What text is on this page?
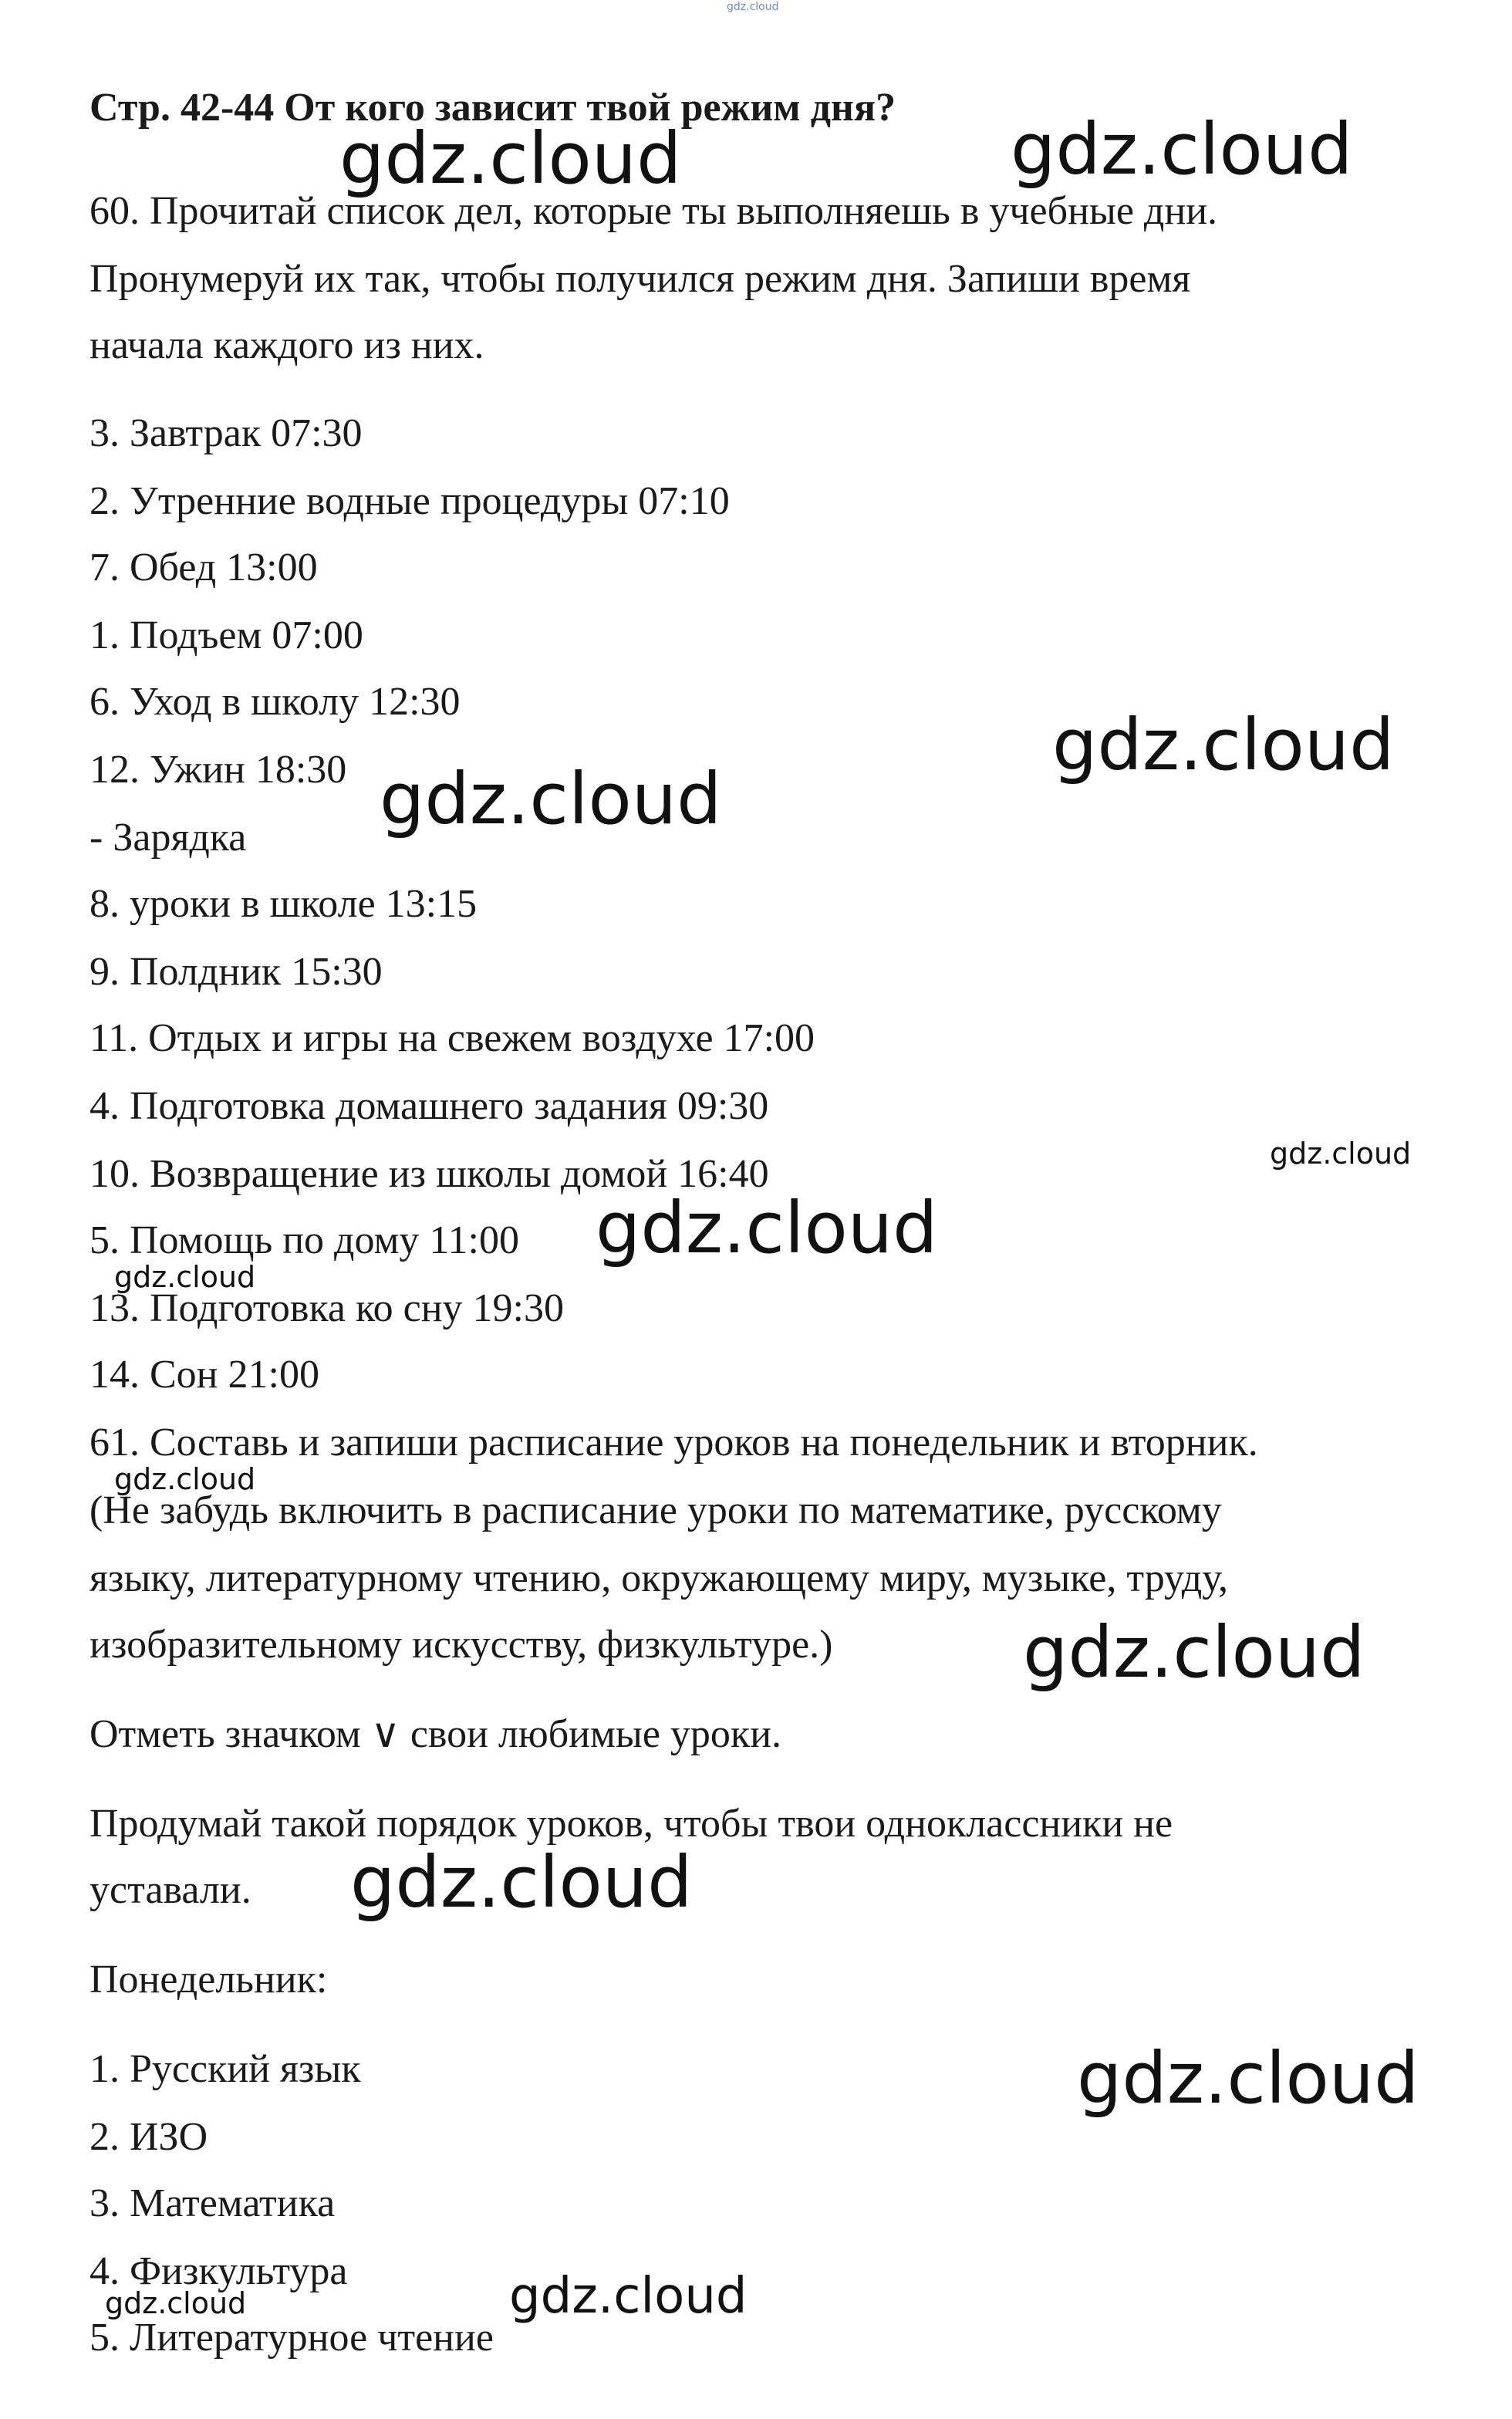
gdz.cloud
Стр. 42-44 От кого зависит твой режим дня?
60. Прочитай список дел, которые ты выполняешь в учебные дни.
Пронумеруй их так, чтобы получился режим дня. Запиши время
начала каждого из них.
3. Завтрак 07:30
2. Утренние водные процедуры 07:10
7. Обед 13:00
1. Подъем 07:00
6. Уход в школу 12:30
12. Ужин 18:30
- Зарядка
8. уроки в школе 13:15
9. Полдник 15:30
11. Отдых и игры на свежем воздухе 17:00
4. Подготовка домашнего задания 09:30
10. Возвращение из школы домой 16:40
5. Помощь по дому 11:00
13. Подготовка ко сну 19:30
14. Сон 21:00
61. Составь и запиши расписание уроков на понедельник и вторник.
(Не забудь включить в расписание уроки по математике, русскому
языку, литературному чтению, окружающему миру, музыке, труду,
изобразительному искусству, физкультуре.)
Отметь значком ∨ свои любимые уроки.
Продумай такой порядок уроков, чтобы твои одноклассники не
уставали.
Понедельник:
1. Русский язык
2. ИЗО
3. Математика
4. Физкультура
5. Литературное чтение
gdz.cloud	gdz.cloud
gdz.cloud
gdz.cloud
gdz.cloud
gdz.cloud
gdz.cloud
gdz.cloud
gdz.cloud
gdz.cloud
gdz.cloud
gdz.cloud
gdz.cloud
